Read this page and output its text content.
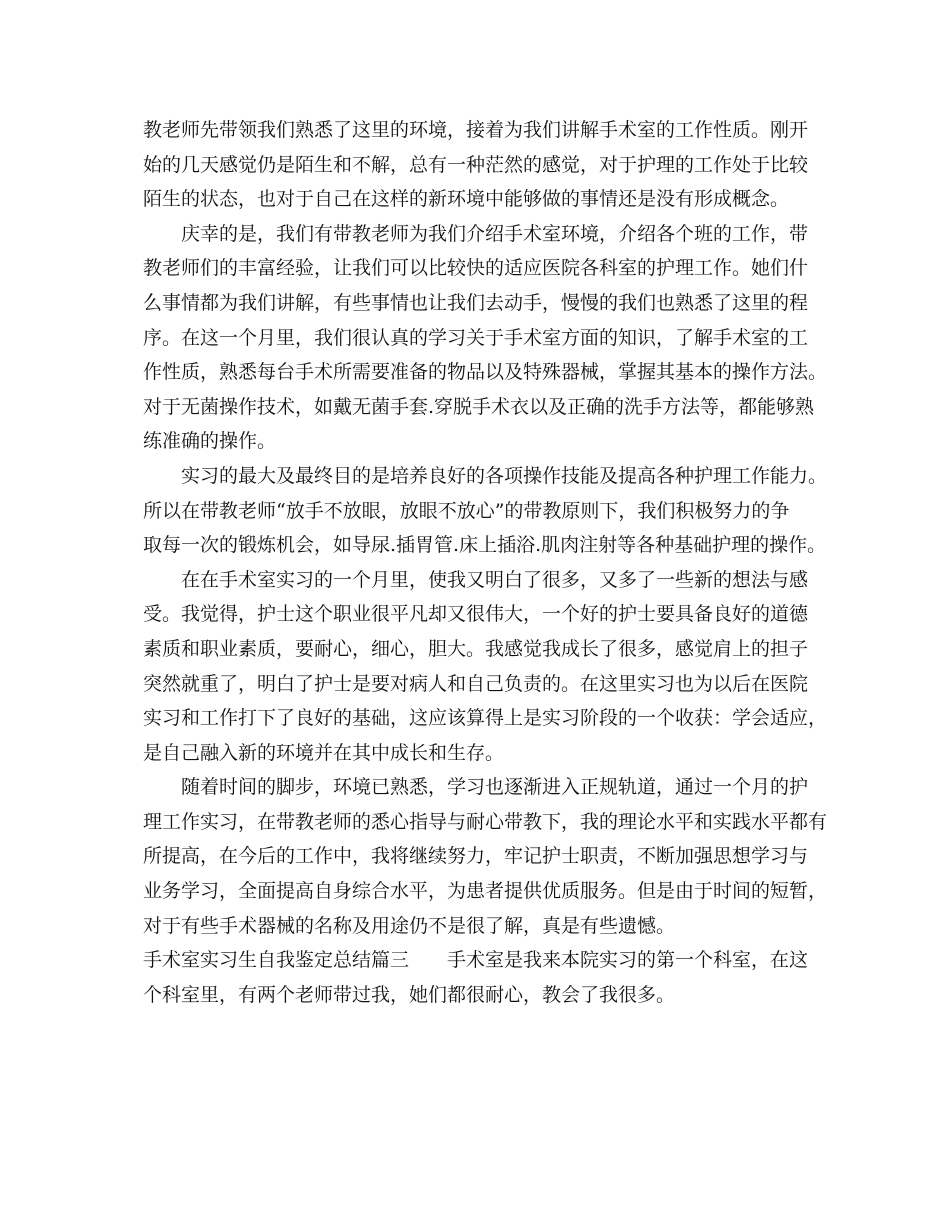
教老师先带领我们熟悉了这里的环境，接着为我们讲解手术室的工作性质。刚开
始的几天感觉仍是陌生和不解，总有一种茫然的感觉，对于护理的工作处于比较
陌生的状态，也对于自己在这样的新环境中能够做的事情还是没有形成概念。
庆幸的是，我们有带教老师为我们介绍手术室环境，介绍各个班的工作，带
教老师们的丰富经验，让我们可以比较快的适应医院各科室的护理工作。她们什
么事情都为我们讲解，有些事情也让我们去动手，慢慢的我们也熟悉了这里的程
序。在这一个月里，我们很认真的学习关于手术室方面的知识，了解手术室的工
作性质，熟悉每台手术所需要准备的物品以及特殊器械，掌握其基本的操作方法。
对于无菌操作技术，如戴无菌手套.穿脱手术衣以及正确的洗手方法等，都能够熟
练准确的操作。
实习的最大及最终目的是培养良好的各项操作技能及提高各种护理工作能力。
所以在带教老师“放手不放眼，放眼不放心”的带教原则下，我们积极努力的争
取每一次的锻炼机会，如导尿.插胃管.床上插浴.肌肉注射等各种基础护理的操作。
在在手术室实习的一个月里，使我又明白了很多，又多了一些新的想法与感
受。我觉得，护士这个职业很平凡却又很伟大，一个好的护士要具备良好的道德
素质和职业素质，要耐心，细心，胆大。我感觉我成长了很多，感觉肩上的担子
突然就重了，明白了护士是要对病人和自己负责的。在这里实习也为以后在医院
实习和工作打下了良好的基础，这应该算得上是实习阶段的一个收获：学会适应，
是自己融入新的环境并在其中成长和生存。
随着时间的脚步，环境已熟悉，学习也逐渐进入正规轨道，通过一个月的护
理工作实习，在带教老师的悉心指导与耐心带教下，我的理论水平和实践水平都有
所提高，在今后的工作中，我将继续努力，牢记护士职责，不断加强思想学习与
业务学习，全面提高自身综合水平，为患者提供优质服务。但是由于时间的短暂，
对于有些手术器械的名称及用途仍不是很了解，真是有些遗憾。
手术室实习生自我鉴定总结篇三　　手术室是我来本院实习的第一个科室，在这
个科室里，有两个老师带过我，她们都很耐心，教会了我很多。
